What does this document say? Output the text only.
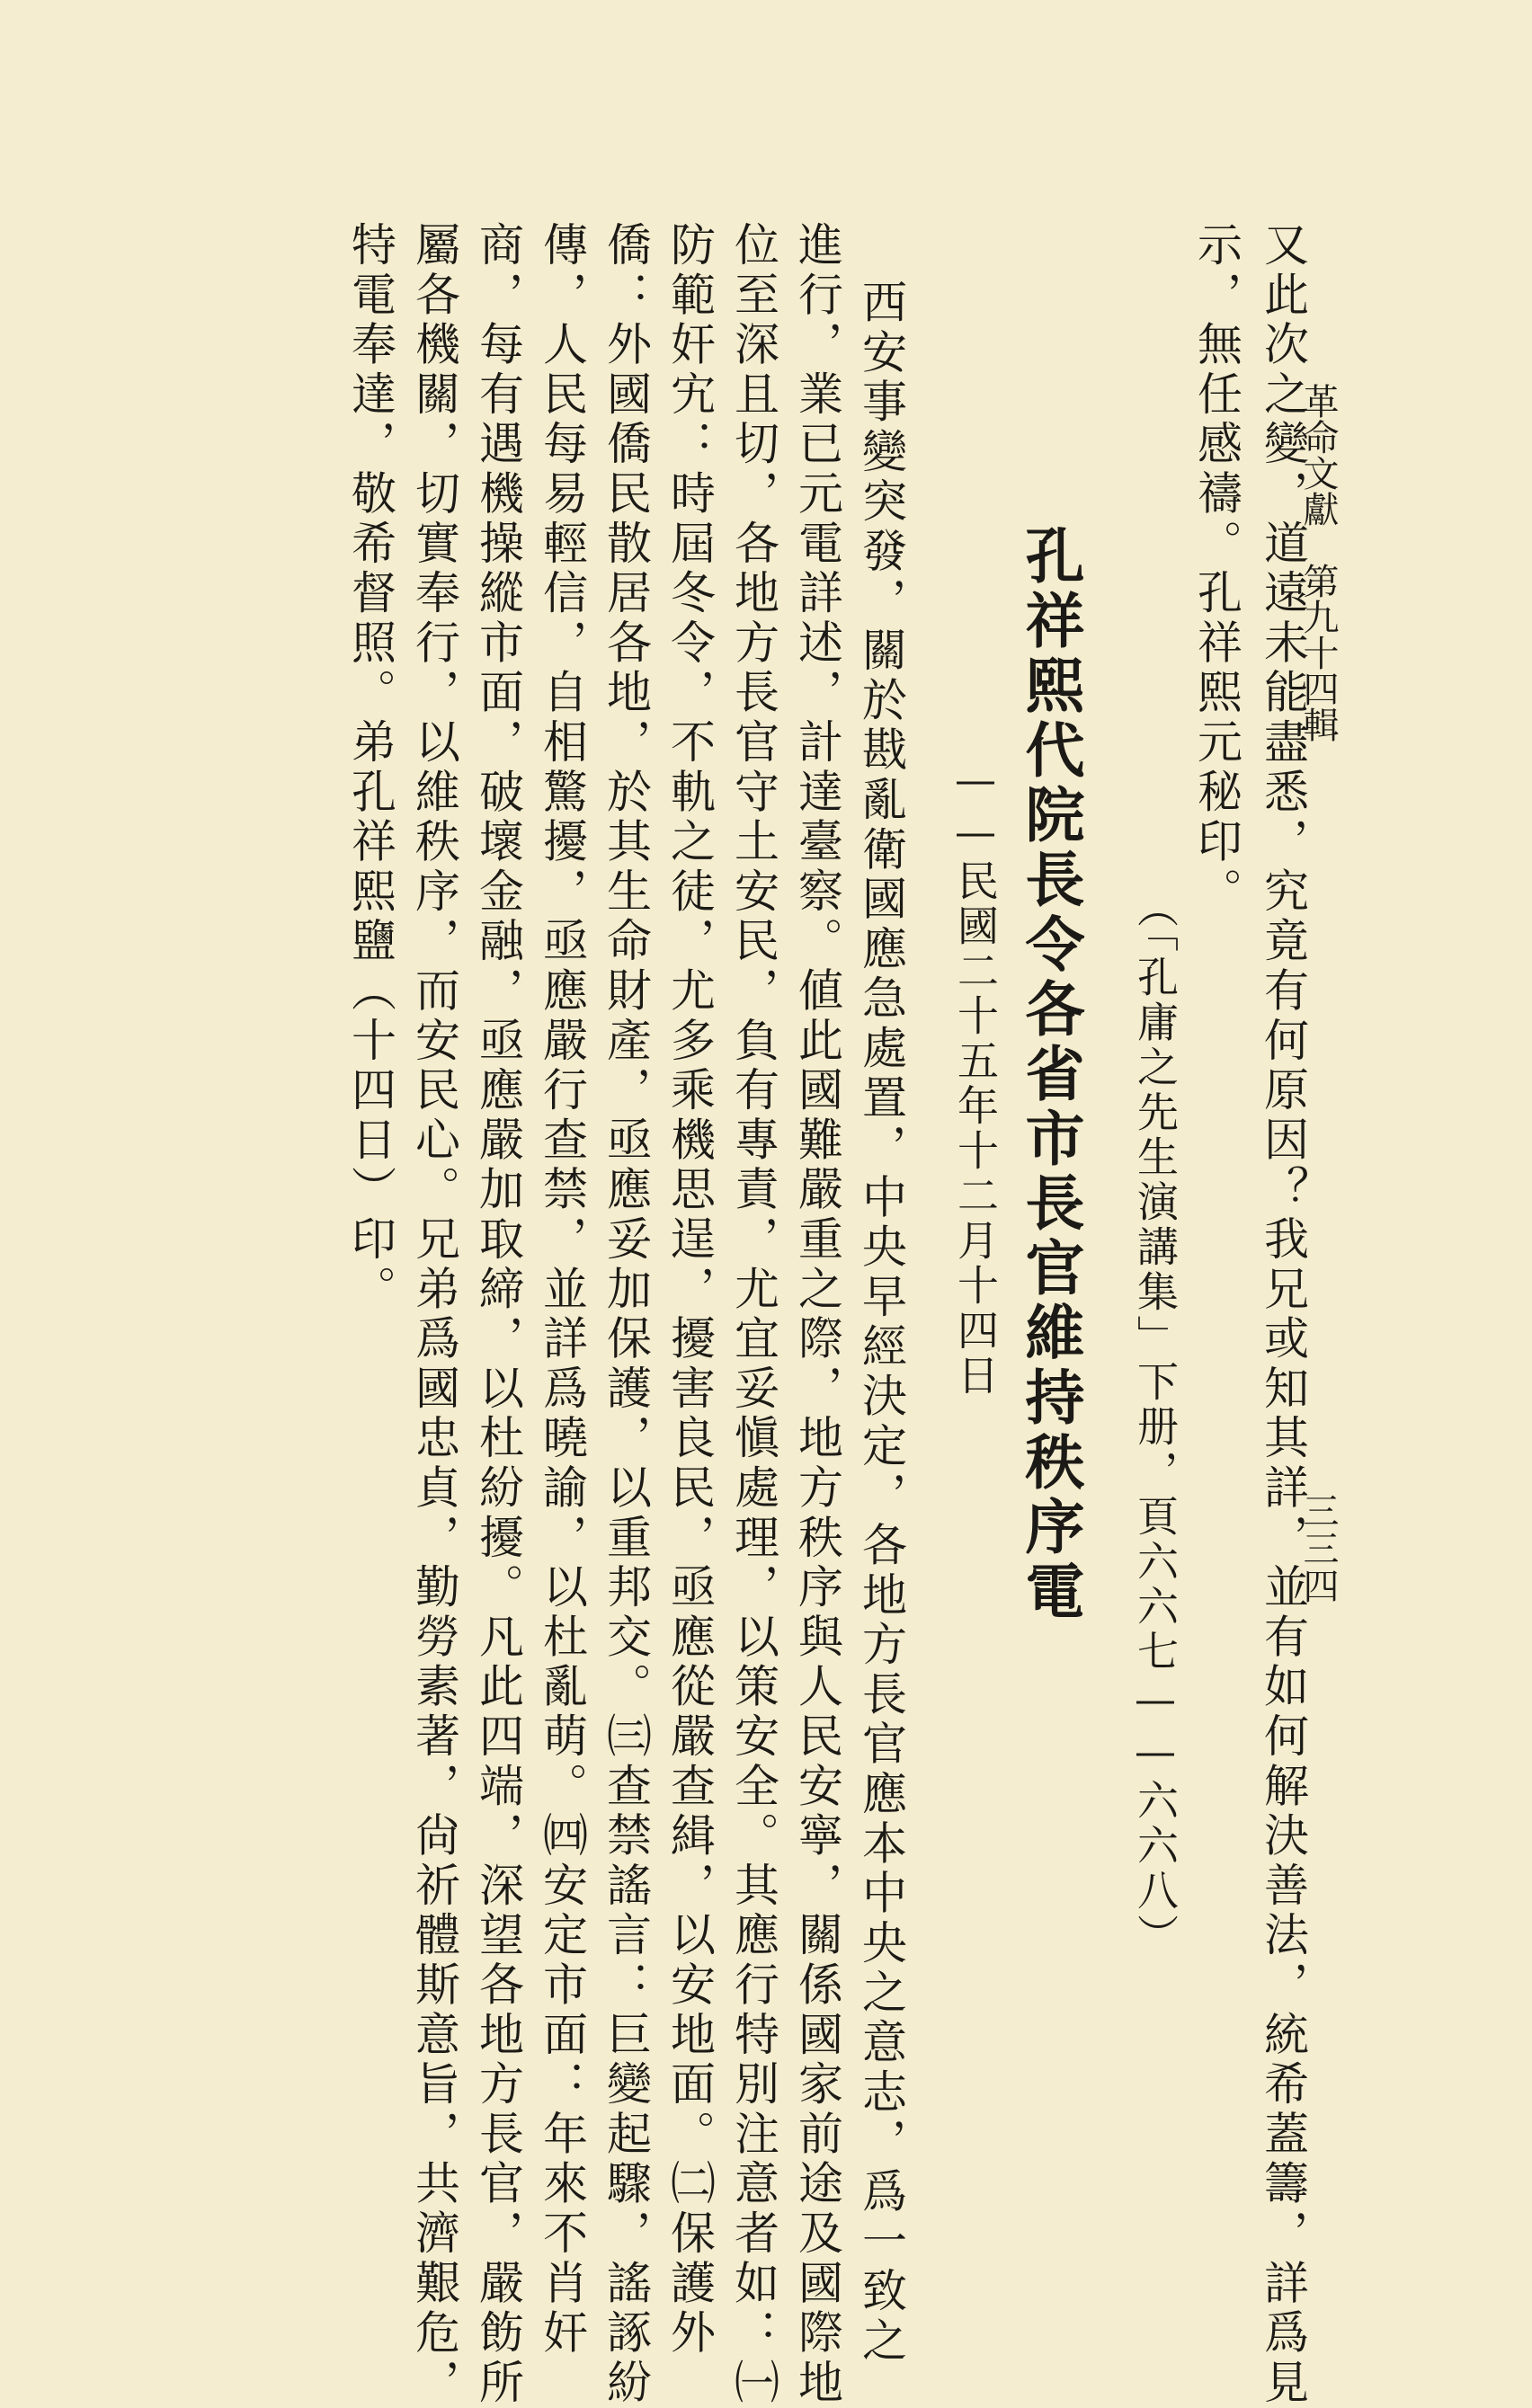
革命文獻　第九十四輯
三三四
又此次之變，道遠未能盡悉，究竟有何原因？我兄或知其詳，並有如何解決善法，統希蓋籌，詳爲見
示，無任感禱。孔祥熙元秘印。
（「孔庸之先生演講集」下册，頁六六七——六六八）
孔祥熙代院長令各省市長官維持秩序電
——民國二十五年十二月十四日
西安事變突發，關於戡亂衛國應急處置，中央早經決定，各地方長官應本中央之意志，爲一致之
進行，業已元電詳述，計達臺察。値此國難嚴重之際，地方秩序與人民安寧，關係國家前途及國際地
位至深且切，各地方長官守土安民，負有專責，尤宜妥愼處理，以策安全。其應行特別注意者如：㈠
防範奸宄：時屆冬令，不軌之徒，尤多乘機思逞，擾害良民，亟應從嚴查緝，以安地面。㈡保護外
僑：外國僑民散居各地，於其生命財產，亟應妥加保護，以重邦交。㈢查禁謠言：巨變起驟，謠諑紛
傳，人民每易輕信，自相驚擾，亟應嚴行查禁，並詳爲曉諭，以杜亂萌。㈣安定市面：年來不肖奸
商，每有遇機操縱市面，破壞金融，亟應嚴加取締，以杜紛擾。凡此四端，深望各地方長官，嚴飭所
屬各機關，切實奉行，以維秩序，而安民心。兄弟爲國忠貞，勤勞素著，尙祈體斯意旨，共濟艱危，
特電奉達，敬希督照。弟孔祥熙鹽（十四日）印。
